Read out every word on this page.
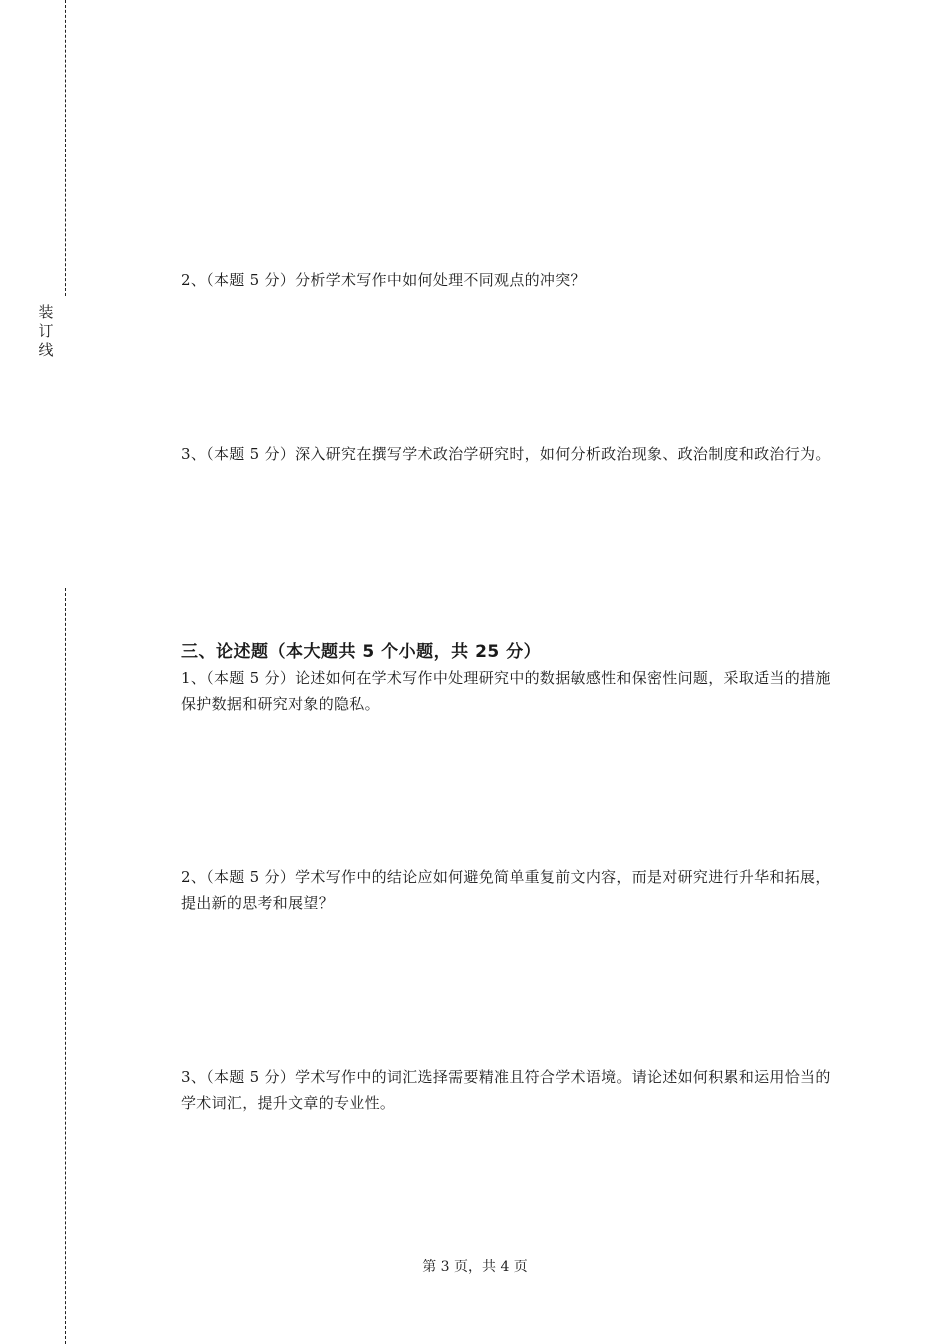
装
订
线
2、（本题 5 分）分析学术写作中如何处理不同观点的冲突？
3、（本题 5 分）深入研究在撰写学术政治学研究时，如何分析政治现象、政治制度和政治行为。
三、论述题（本大题共 5 个小题，共 25 分）
1、（本题 5 分）论述如何在学术写作中处理研究中的数据敏感性和保密性问题，采取适当的措施保护数据和研究对象的隐私。
2、（本题 5 分）学术写作中的结论应如何避免简单重复前文内容，而是对研究进行升华和拓展，提出新的思考和展望？
3、（本题 5 分）学术写作中的词汇选择需要精准且符合学术语境。请论述如何积累和运用恰当的学术词汇，提升文章的专业性。
第 3 页，共 4 页
